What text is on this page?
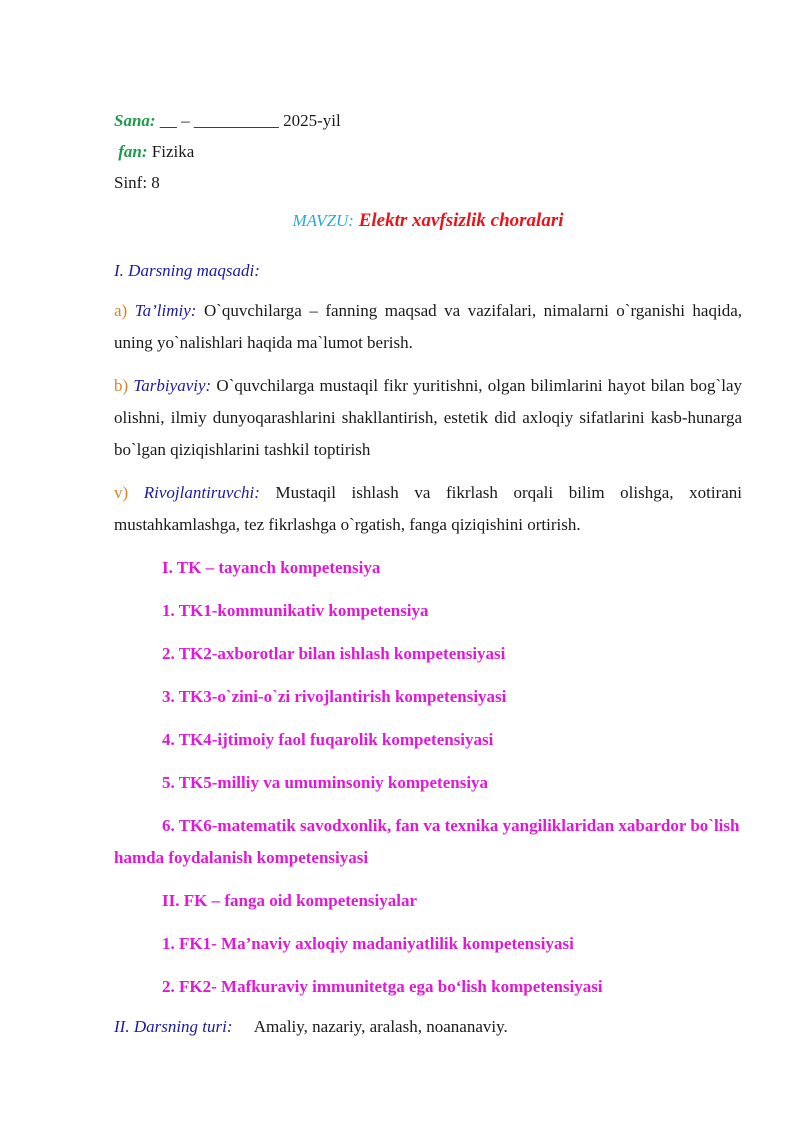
Sana: __ – __________ 2025-yil

fan: Fizika

Sinf: 8

MAVZU: Elektr xavfsizlik choralari

I. Darsning maqsadi:

a) Ta’limiy: O`quvchilarga – fanning maqsad va vazifalari, nimalarni o`rganishi haqida, uning yo`nalishlari haqida ma`lumot berish.

b) Tarbiyaviy: O`quvchilarga mustaqil fikr yuritishni, olgan bilimlarini hayot bilan bog`lay olishni, ilmiy dunyoqarashlarini shakllantirish, estetik did axloqiy sifatlarini kasb-hunarga bo`lgan qiziqishlarini tashkil toptirish

v) Rivojlantiruvchi: Mustaqil ishlash va fikrlash orqali bilim olishga, xotirani mustahkamlashga, tez fikrlashga o`rgatish, fanga qiziqishini ortirish.

I. TK – tayanch kompetensiya

1. TK1-kommunikativ kompetensiya

2. TK2-axborotlar bilan ishlash kompetensiyasi

3. TK3-o`zini-o`zi rivojlantirish kompetensiyasi

4. TK4-ijtimoiy faol fuqarolik kompetensiyasi

5. TK5-milliy va umuminsoniy kompetensiya

6. TK6-matematik savodxonlik, fan va texnika yangiliklaridan xabardor bo`lish hamda foydalanish kompetensiyasi

II. FK – fanga oid kompetensiyalar

1. FK1- Ma’naviy axloqiy madaniyatlilik kompetensiyasi

2. FK2- Mafkuraviy immunitetga ega bo‘lish kompetensiyasi

II. Darsning turi: Amaliy, nazariy, aralash, noananaviy.
